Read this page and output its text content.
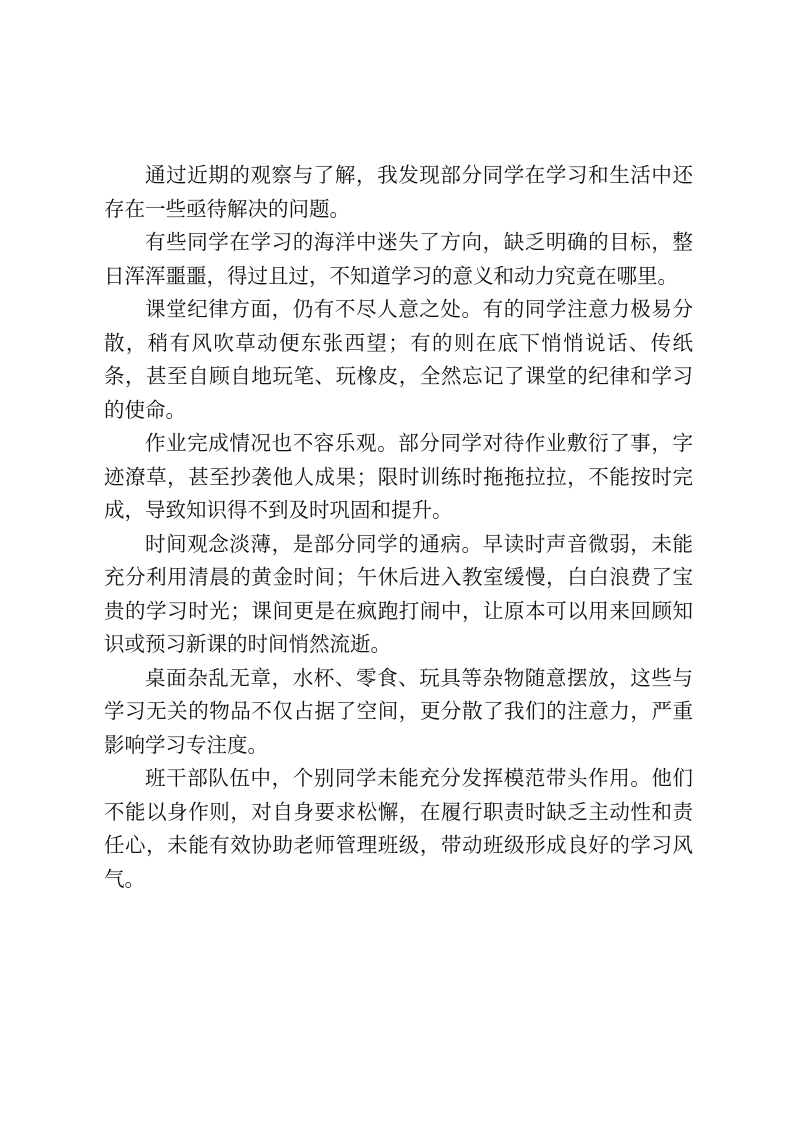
通过近期的观察与了解，我发现部分同学在学习和生活中还存在一些亟待解决的问题。

有些同学在学习的海洋中迷失了方向，缺乏明确的目标，整日浑浑噩噩，得过且过，不知道学习的意义和动力究竟在哪里。

课堂纪律方面，仍有不尽人意之处。有的同学注意力极易分散，稍有风吹草动便东张西望；有的则在底下悄悄说话、传纸条，甚至自顾自地玩笔、玩橡皮，全然忘记了课堂的纪律和学习的使命。

作业完成情况也不容乐观。部分同学对待作业敷衍了事，字迹潦草，甚至抄袭他人成果；限时训练时拖拖拉拉，不能按时完成，导致知识得不到及时巩固和提升。

时间观念淡薄，是部分同学的通病。早读时声音微弱，未能充分利用清晨的黄金时间；午休后进入教室缓慢，白白浪费了宝贵的学习时光；课间更是在疯跑打闹中，让原本可以用来回顾知识或预习新课的时间悄然流逝。

桌面杂乱无章，水杯、零食、玩具等杂物随意摆放，这些与学习无关的物品不仅占据了空间，更分散了我们的注意力，严重影响学习专注度。

班干部队伍中，个别同学未能充分发挥模范带头作用。他们不能以身作则，对自身要求松懈，在履行职责时缺乏主动性和责任心，未能有效协助老师管理班级，带动班级形成良好的学习风气。
